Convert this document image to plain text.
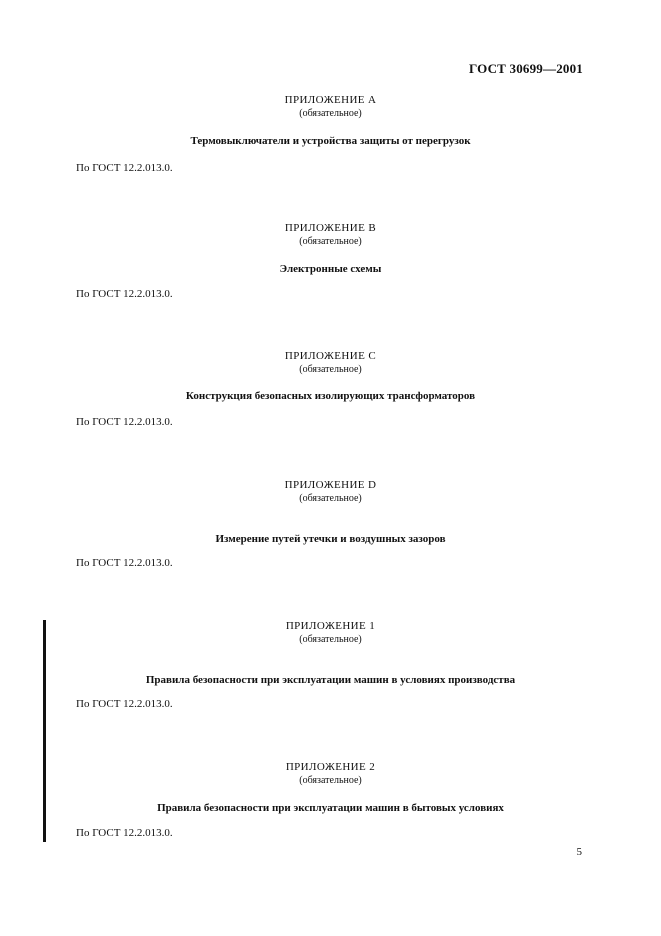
ГОСТ 30699—2001
ПРИЛОЖЕНИЕ А
(обязательное)
Термовыключатели и устройства защиты от перегрузок
По ГОСТ 12.2.013.0.
ПРИЛОЖЕНИЕ В
(обязательное)
Электронные схемы
По ГОСТ 12.2.013.0.
ПРИЛОЖЕНИЕ С
(обязательное)
Конструкция безопасных изолирующих трансформаторов
По ГОСТ 12.2.013.0.
ПРИЛОЖЕНИЕ D
(обязательное)
Измерение путей утечки и воздушных зазоров
По ГОСТ 12.2.013.0.
ПРИЛОЖЕНИЕ 1
(обязательное)
Правила безопасности при эксплуатации машин в условиях производства
По ГОСТ 12.2.013.0.
ПРИЛОЖЕНИЕ 2
(обязательное)
Правила безопасности при эксплуатации машин в бытовых условиях
По ГОСТ 12.2.013.0.
5
